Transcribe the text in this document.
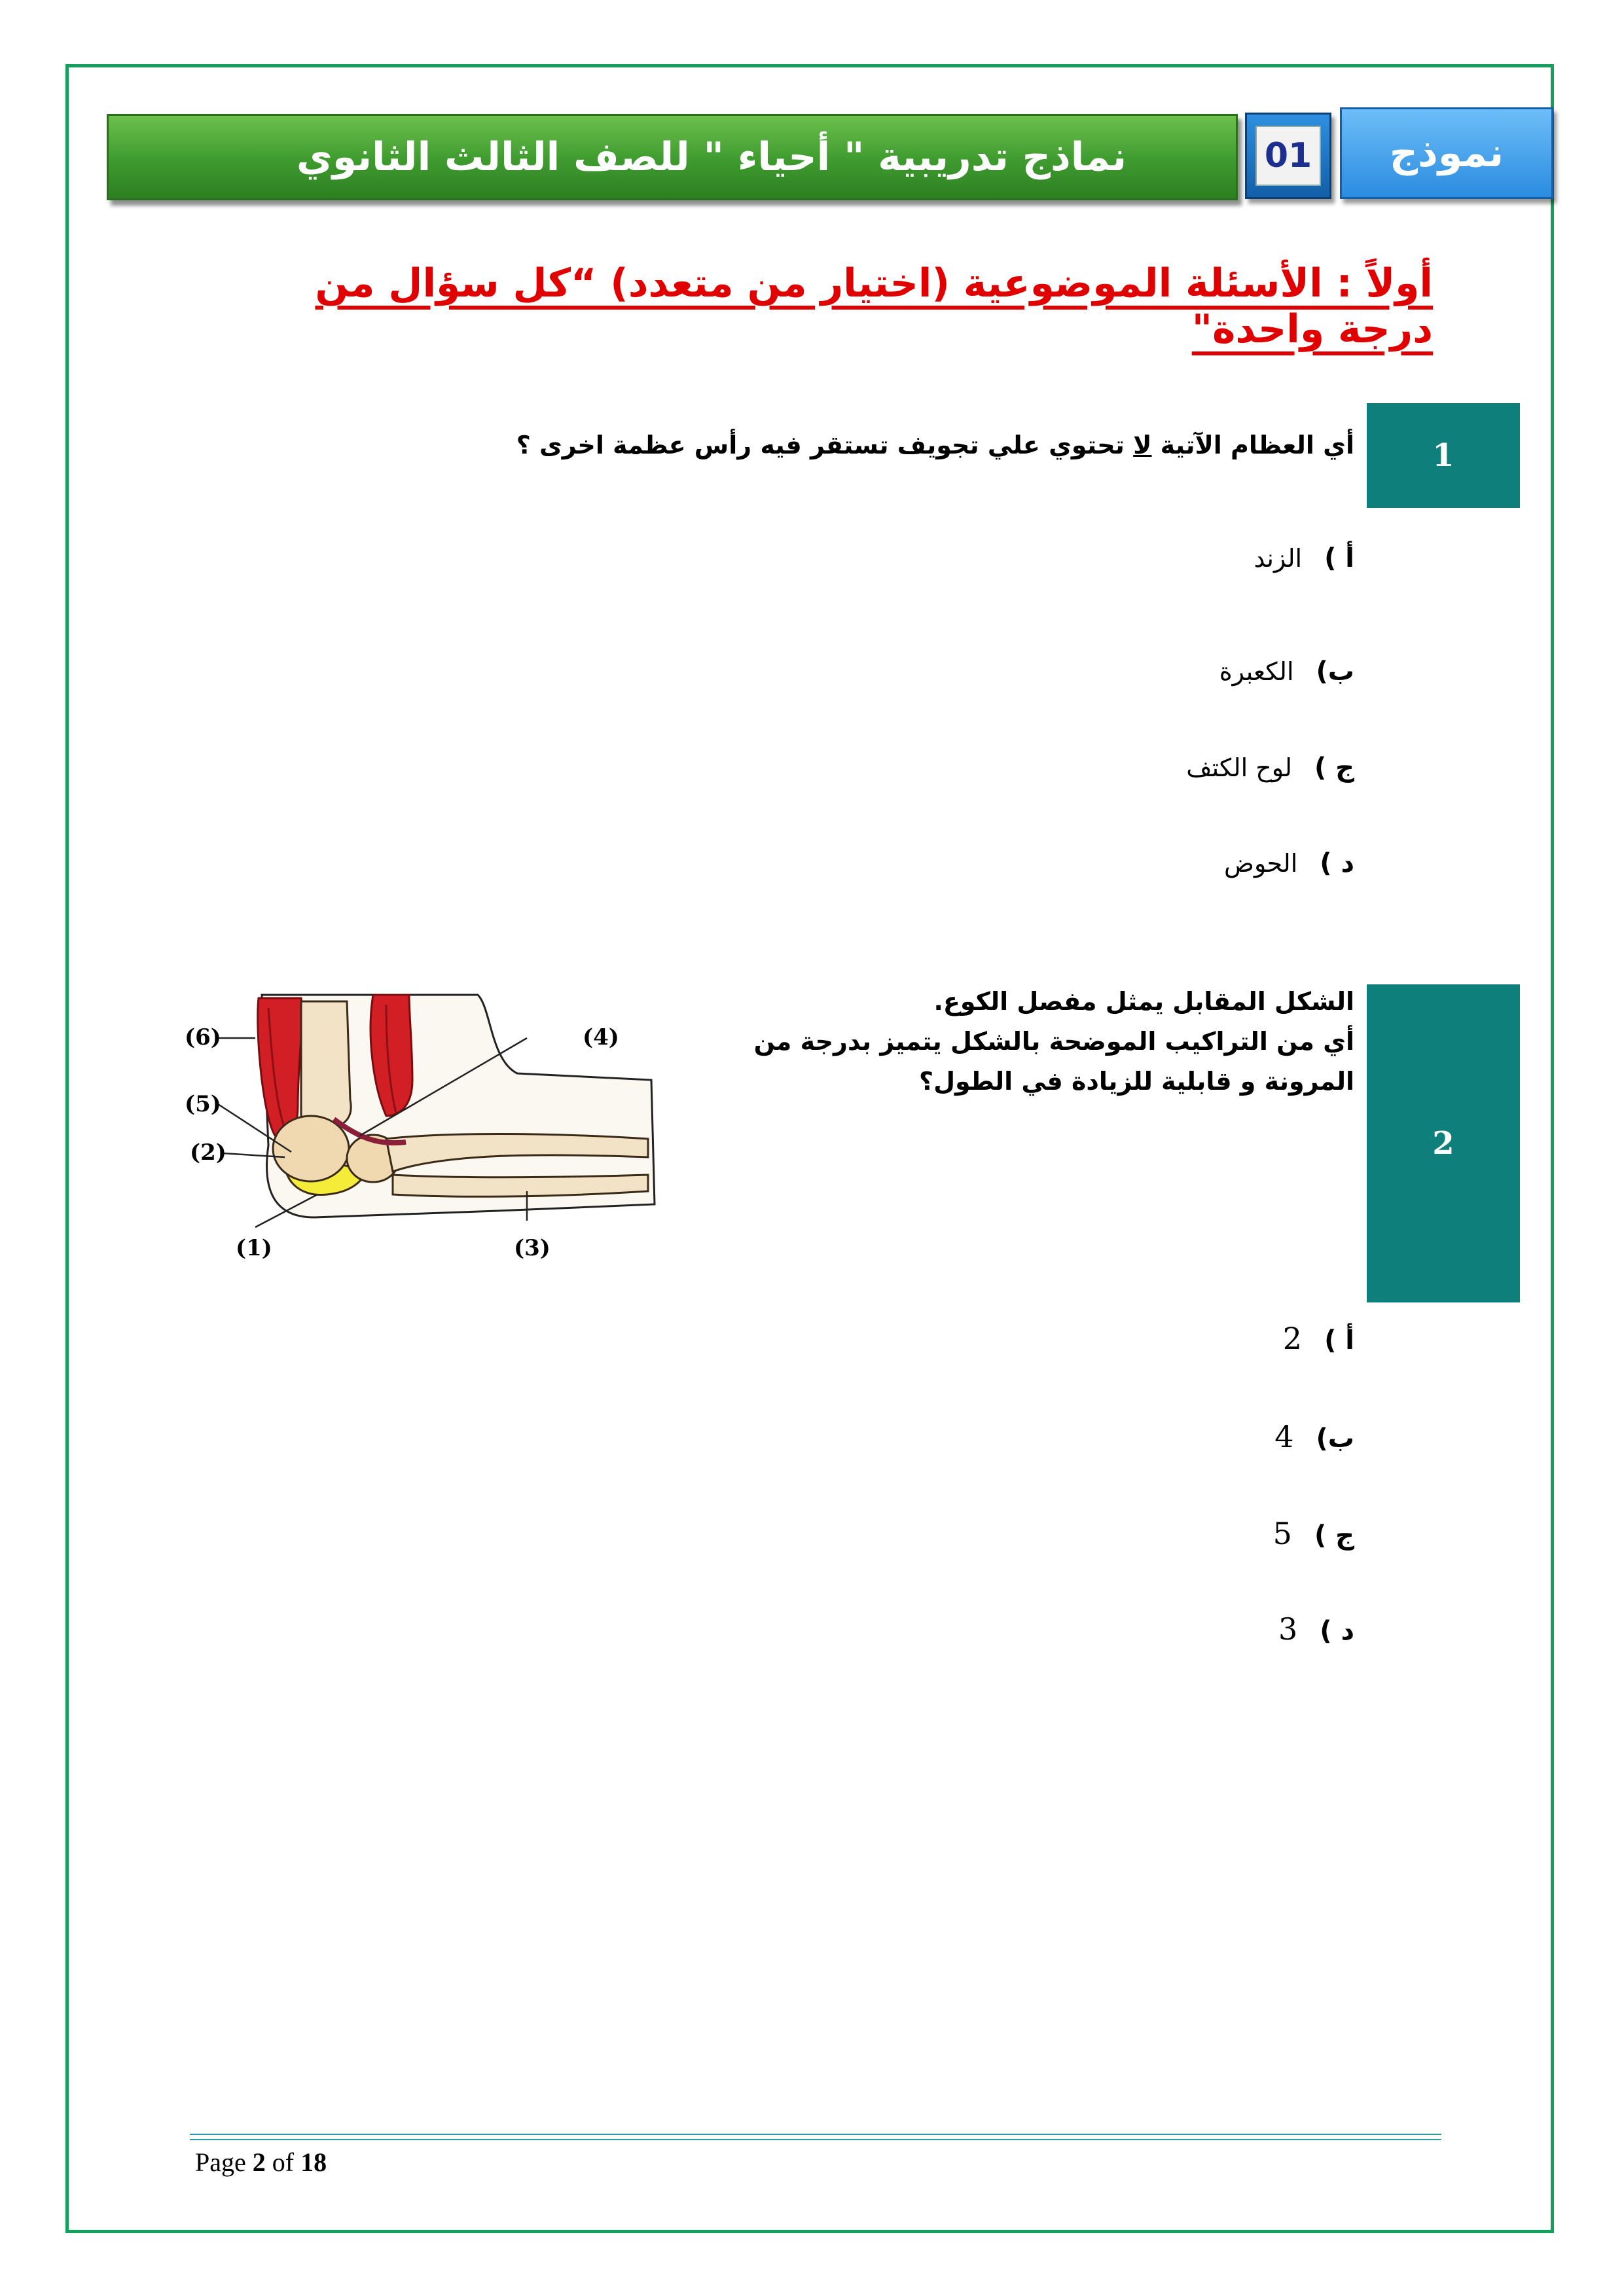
نماذج تدريبية " أحياء " للصف الثالث الثانوي	01	نموذج
أولاً : الأسئلة الموضوعية (اختيار من متعدد) “كل سؤال من درجة واحدة"
1
أي العظام الآتية لا تحتوي علي تجويف تستقر فيه رأس عظمة اخرى ؟
أ )
الزند
ب)
الكعبرة
ج )
لوح الكتف
د )
الحوض
2
الشكل المقابل يمثل مفصل الكوع.
أي من التراكيب الموضحة بالشكل يتميز بدرجة من
المرونة و قابلية للزيادة في الطول؟
(6)
(5)
(2)
(1)
(4)
(3)
أ )
2
ب)
4
ج )
5
د )
3
Page 2 of 18
